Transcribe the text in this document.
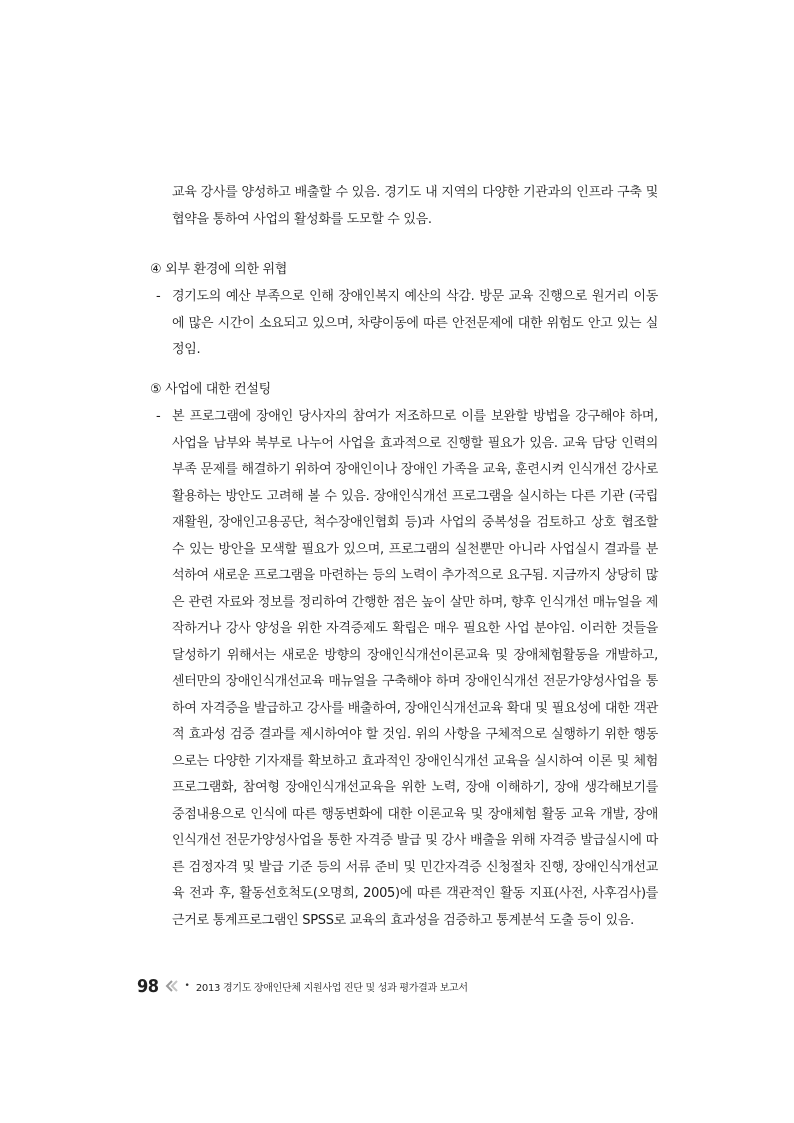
교육 강사를 양성하고 배출할 수 있음. 경기도 내 지역의 다양한 기관과의 인프라 구축 및 협약을 통하여 사업의 활성화를 도모할 수 있음.

④ 외부 환경에 의한 위협

- 경기도의 예산 부족으로 인해 장애인복지 예산의 삭감. 방문 교육 진행으로 원거리 이동에 많은 시간이 소요되고 있으며, 차량이동에 따른 안전문제에 대한 위험도 안고 있는 실정임.

⑤ 사업에 대한 컨설팅

- 본 프로그램에 장애인 당사자의 참여가 저조하므로 이를 보완할 방법을 강구해야 하며, 사업을 남부와 북부로 나누어 사업을 효과적으로 진행할 필요가 있음. 교육 담당 인력의 부족 문제를 해결하기 위하여 장애인이나 장애인 가족을 교육, 훈련시켜 인식개선 강사로 활용하는 방안도 고려해 볼 수 있음. 장애인식개선 프로그램을 실시하는 다른 기관 (국립재활원, 장애인고용공단, 척수장애인협회 등)과 사업의 중복성을 검토하고 상호 협조할 수 있는 방안을 모색할 필요가 있으며, 프로그램의 실천뿐만 아니라 사업실시 결과를 분석하여 새로운 프로그램을 마련하는 등의 노력이 추가적으로 요구됨. 지금까지 상당히 많은 관련 자료와 정보를 정리하여 간행한 점은 높이 살만 하며, 향후 인식개선 매뉴얼을 제작하거나 강사 양성을 위한 자격증제도 확립은 매우 필요한 사업 분야임. 이러한 것들을 달성하기 위해서는 새로운 방향의 장애인식개선이론교육 및 장애체험활동을 개발하고, 센터만의 장애인식개선교육 매뉴얼을 구축해야 하며 장애인식개선 전문가양성사업을 통하여 자격증을 발급하고 강사를 배출하여, 장애인식개선교육 확대 및 필요성에 대한 객관적 효과성 검증 결과를 제시하여야 할 것임. 위의 사항을 구체적으로 실행하기 위한 행동으로는 다양한 기자재를 확보하고 효과적인 장애인식개선 교육을 실시하여 이론 및 체험 프로그램화, 참여형 장애인식개선교육을 위한 노력, 장애 이해하기, 장애 생각해보기를 중점내용으로 인식에 따른 행동변화에 대한 이론교육 및 장애체험 활동 교육 개발, 장애인식개선 전문가양성사업을 통한 자격증 발급 및 강사 배출을 위해 자격증 발급실시에 따른 검정자격 및 발급 기준 등의 서류 준비 및 민간자격증 신청절차 진행, 장애인식개선교육 전과 후, 활동선호척도(오명희, 2005)에 따른 객관적인 활동 지표(사전, 사후검사)를 근거로 통계프로그램인 SPSS로 교육의 효과성을 검증하고 통계분석 도출 등이 있음.

98	• 2013 경기도 장애인단체 지원사업 진단 및 성과 평가결과 보고서
